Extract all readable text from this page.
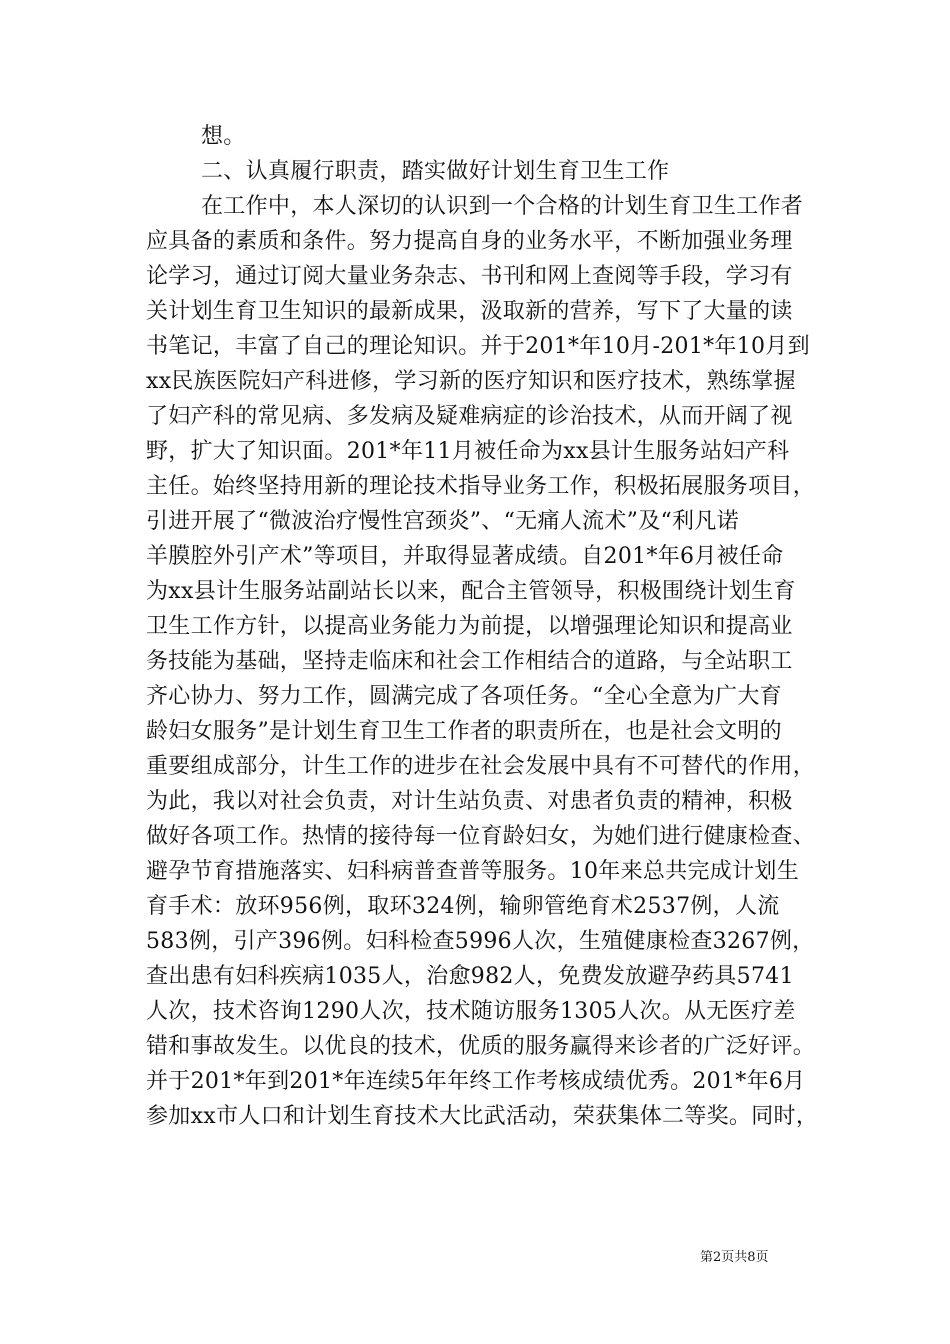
想。
二、认真履行职责，踏实做好计划生育卫生工作
在工作中，本人深切的认识到一个合格的计划生育卫生工作者
应具备的素质和条件。努力提高自身的业务水平，不断加强业务理
论学习，通过订阅大量业务杂志、书刊和网上查阅等手段，学习有
关计划生育卫生知识的最新成果，汲取新的营养，写下了大量的读
书笔记，丰富了自己的理论知识。并于201*年10月-201*年10月到
xx民族医院妇产科进修，学习新的医疗知识和医疗技术，熟练掌握
了妇产科的常见病、多发病及疑难病症的诊治技术，从而开阔了视
野，扩大了知识面。201*年11月被任命为xx县计生服务站妇产科
主任。始终坚持用新的理论技术指导业务工作，积极拓展服务项目，
引进开展了“微波治疗慢性宫颈炎”、“无痛人流术”及“利凡诺
羊膜腔外引产术”等项目，并取得显著成绩。自201*年6月被任命
为xx县计生服务站副站长以来，配合主管领导，积极围绕计划生育
卫生工作方针，以提高业务能力为前提，以增强理论知识和提高业
务技能为基础，坚持走临床和社会工作相结合的道路，与全站职工
齐心协力、努力工作，圆满完成了各项任务。“全心全意为广大育
龄妇女服务”是计划生育卫生工作者的职责所在，也是社会文明的
重要组成部分，计生工作的进步在社会发展中具有不可替代的作用，
为此，我以对社会负责，对计生站负责、对患者负责的精神，积极
做好各项工作。热情的接待每一位育龄妇女，为她们进行健康检查、
避孕节育措施落实、妇科病普查普等服务。10年来总共完成计划生
育手术：放环956例，取环324例，输卵管绝育术2537例，人流
583例，引产396例。妇科检查5996人次，生殖健康检查3267例，
查出患有妇科疾病1035人，治愈982人，免费发放避孕药具5741
人次，技术咨询1290人次，技术随访服务1305人次。从无医疗差
错和事故发生。以优良的技术，优质的服务赢得来诊者的广泛好评。
并于201*年到201*年连续5年年终工作考核成绩优秀。201*年6月
参加xx市人口和计划生育技术大比武活动，荣获集体二等奖。同时，
第2页共8页
